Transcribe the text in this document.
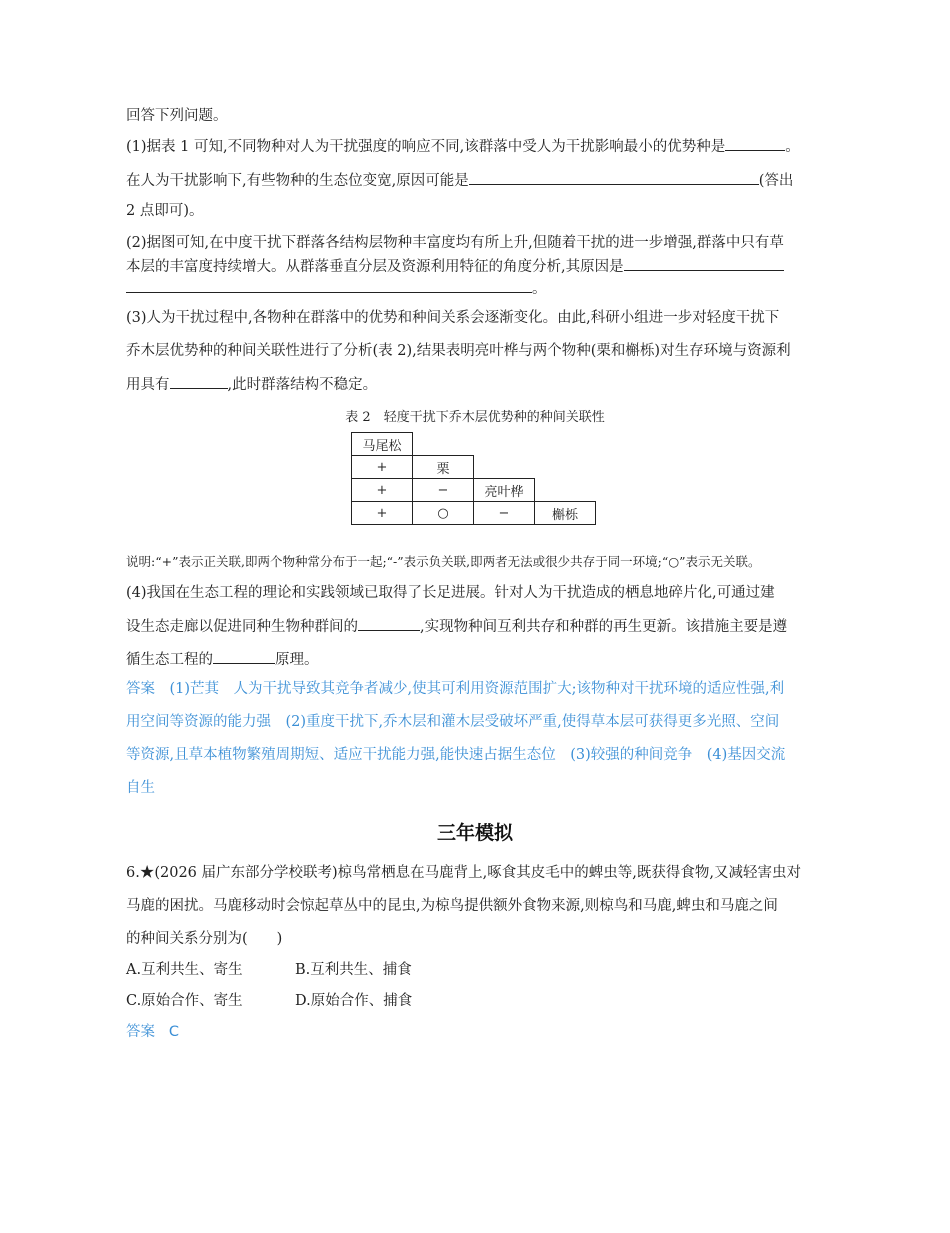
回答下列问题。
(1)据表 1 可知,不同物种对人为干扰强度的响应不同,该群落中受人为干扰影响最小的优势种是	。
在人为干扰影响下,有些物种的生态位变宽,原因可能是	(答出
2 点即可)。
(2)据图可知,在中度干扰下群落各结构层物种丰富度均有所上升,但随着干扰的进一步增强,群落中只有草
本层的丰富度持续增大。从群落垂直分层及资源利用特征的角度分析,其原因是
。
(3)人为干扰过程中,各物种在群落中的优势和种间关系会逐渐变化。由此,科研小组进一步对轻度干扰下
乔木层优势种的种间关联性进行了分析(表 2),结果表明亮叶桦与两个物种(栗和槲栎)对生存环境与资源利
用具有	,此时群落结构不稳定。
表 2　轻度干扰下乔木层优势种的种间关联性
马尾松			
+	栗		
+	−	亮叶桦	
+	○	−	槲栎
说明:“+”表示正关联,即两个物种常分布于一起;“-”表示负关联,即两者无法或很少共存于同一环境;“○”表示无关联。
(4)我国在生态工程的理论和实践领域已取得了长足进展。针对人为干扰造成的栖息地碎片化,可通过建
设生态走廊以促进同种生物种群间的	,实现物种间互利共存和种群的再生更新。该措施主要是遵
循生态工程的	原理。
答案　(1)芒萁　人为干扰导致其竞争者减少,使其可利用资源范围扩大;该物种对干扰环境的适应性强,利
用空间等资源的能力强　(2)重度干扰下,乔木层和灌木层受破坏严重,使得草本层可获得更多光照、空间
等资源,且草本植物繁殖周期短、适应干扰能力强,能快速占据生态位　(3)较强的种间竞争　(4)基因交流
自生
三年模拟
6.★(2026 届广东部分学校联考)椋鸟常栖息在马鹿背上,啄食其皮毛中的蜱虫等,既获得食物,又减轻害虫对
马鹿的困扰。马鹿移动时会惊起草丛中的昆虫,为椋鸟提供额外食物来源,则椋鸟和马鹿,蜱虫和马鹿之间
的种间关系分别为(　　)
A.互利共生、寄生	B.互利共生、捕食
C.原始合作、寄生	D.原始合作、捕食
答案 C
